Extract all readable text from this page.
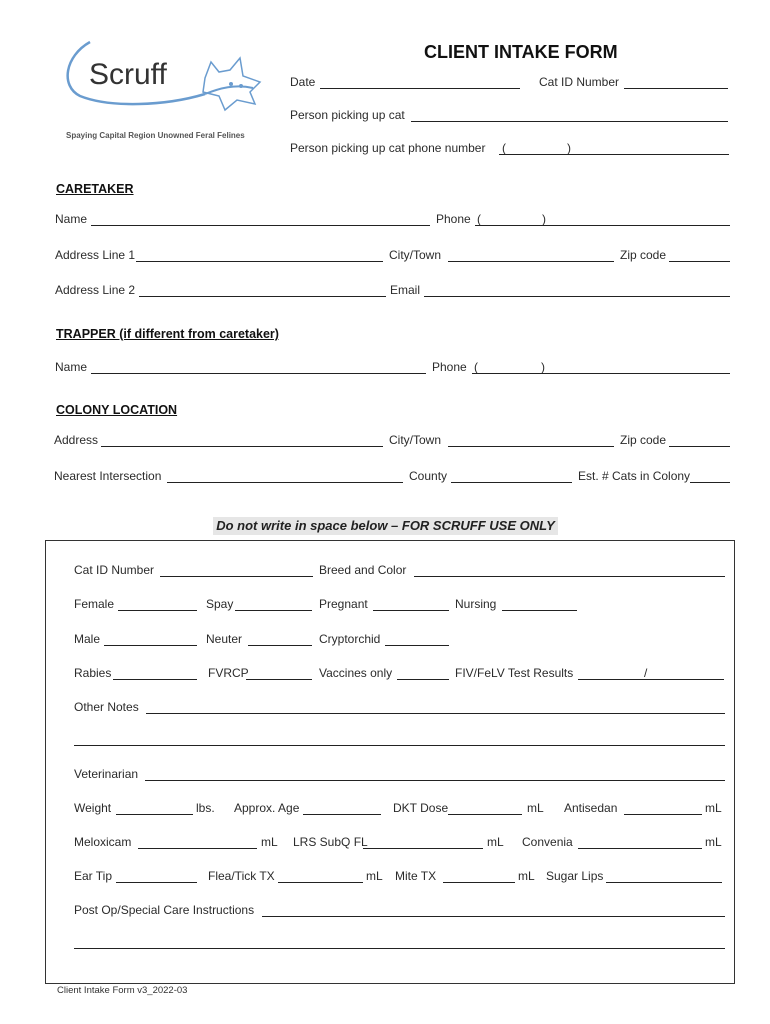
Scruff
Spaying Capital Region Unowned Feral Felines
CLIENT INTAKE FORM
Date	Cat ID Number
Person picking up cat
Person picking up cat phone number (	)
CARETAKER
Name	Phone (	)
Address Line 1	City/Town	Zip code
Address Line 2	Email
TRAPPER (if different from caretaker)
Name	Phone (	)
COLONY LOCATION
Address	City/Town	Zip code
Nearest Intersection	County	Est. # Cats in Colony
Do not write in space below – FOR SCRUFF USE ONLY
Cat ID Number	Breed and Color
Female	Spay	Pregnant	Nursing
Male	Neuter	Cryptorchid
Rabies	FVRCP	Vaccines only	FIV/FeLV Test Results	/
Other Notes
Veterinarian
Weight	lbs. Approx. Age	DKT Dose	mL Antisedan	mL
Meloxicam	mL LRS SubQ FL	mL Convenia	mL
Ear Tip	Flea/Tick TX	mL Mite TX	mL Sugar Lips
Post Op/Special Care Instructions
Client Intake Form v3_2022-03
